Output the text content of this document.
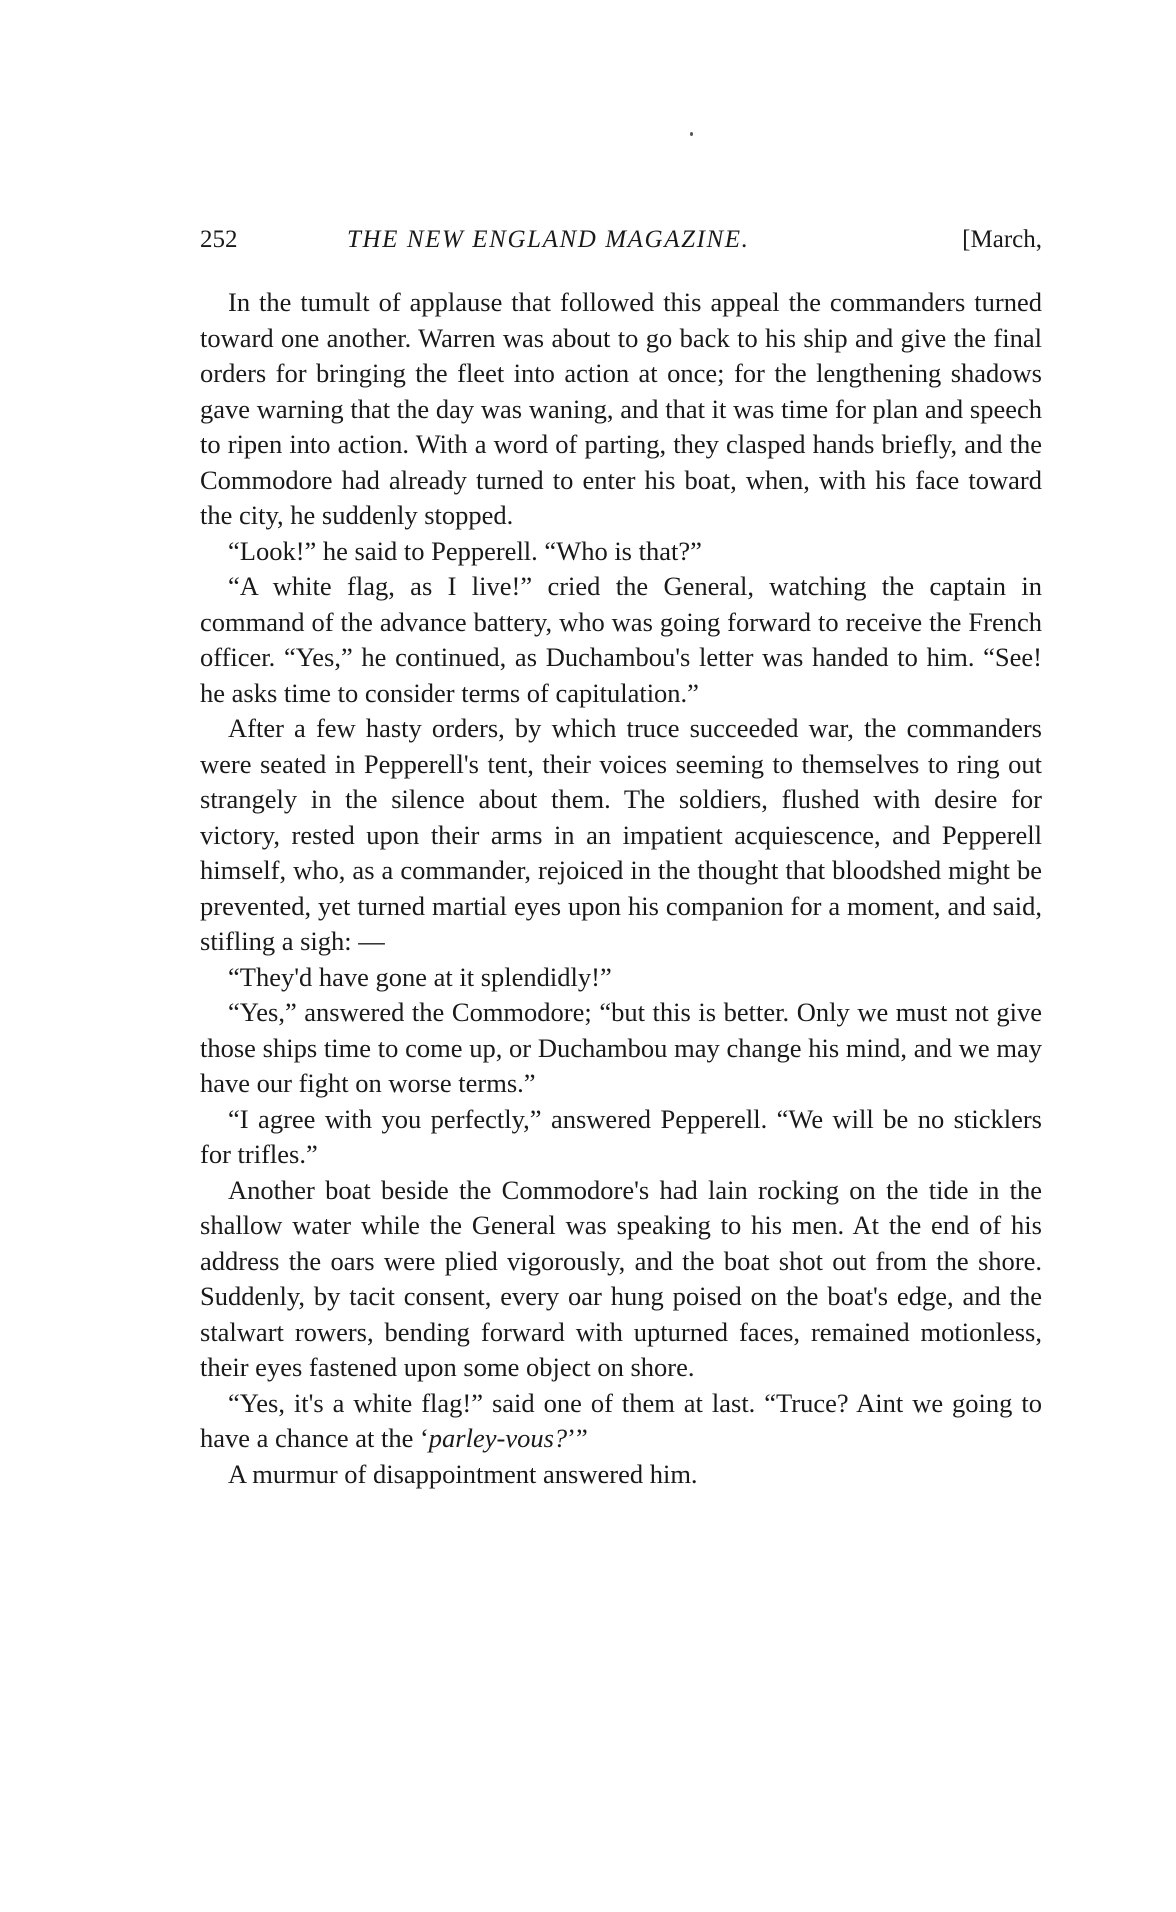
252	THE NEW ENGLAND MAGAZINE.	[March,

In the tumult of applause that followed this appeal the commanders turned toward one another. Warren was about to go back to his ship and give the final orders for bringing the fleet into action at once; for the lengthening shadows gave warning that the day was waning, and that it was time for plan and speech to ripen into action. With a word of parting, they clasped hands briefly, and the Commodore had already turned to enter his boat, when, with his face toward the city, he suddenly stopped.

“Look!” he said to Pepperell. “Who is that?”

“A white flag, as I live!” cried the General, watching the captain in command of the advance battery, who was going forward to receive the French officer. “Yes,” he continued, as Duchambou's letter was handed to him. “See! he asks time to consider terms of capitulation.”

After a few hasty orders, by which truce succeeded war, the commanders were seated in Pepperell's tent, their voices seeming to themselves to ring out strangely in the silence about them. The soldiers, flushed with desire for victory, rested upon their arms in an impatient acquiescence, and Pepperell himself, who, as a commander, rejoiced in the thought that bloodshed might be prevented, yet turned martial eyes upon his companion for a moment, and said, stifling a sigh: —

“They'd have gone at it splendidly!”

“Yes,” answered the Commodore; “but this is better. Only we must not give those ships time to come up, or Duchambou may change his mind, and we may have our fight on worse terms.”

“I agree with you perfectly,” answered Pepperell. “We will be no sticklers for trifles.”

Another boat beside the Commodore's had lain rocking on the tide in the shallow water while the General was speaking to his men. At the end of his address the oars were plied vigorously, and the boat shot out from the shore. Suddenly, by tacit consent, every oar hung poised on the boat's edge, and the stalwart rowers, bending forward with upturned faces, remained motionless, their eyes fastened upon some object on shore.

“Yes, it's a white flag!” said one of them at last. “Truce? Aint we going to have a chance at the ‘parley-vous?’”

A murmur of disappointment answered him.
